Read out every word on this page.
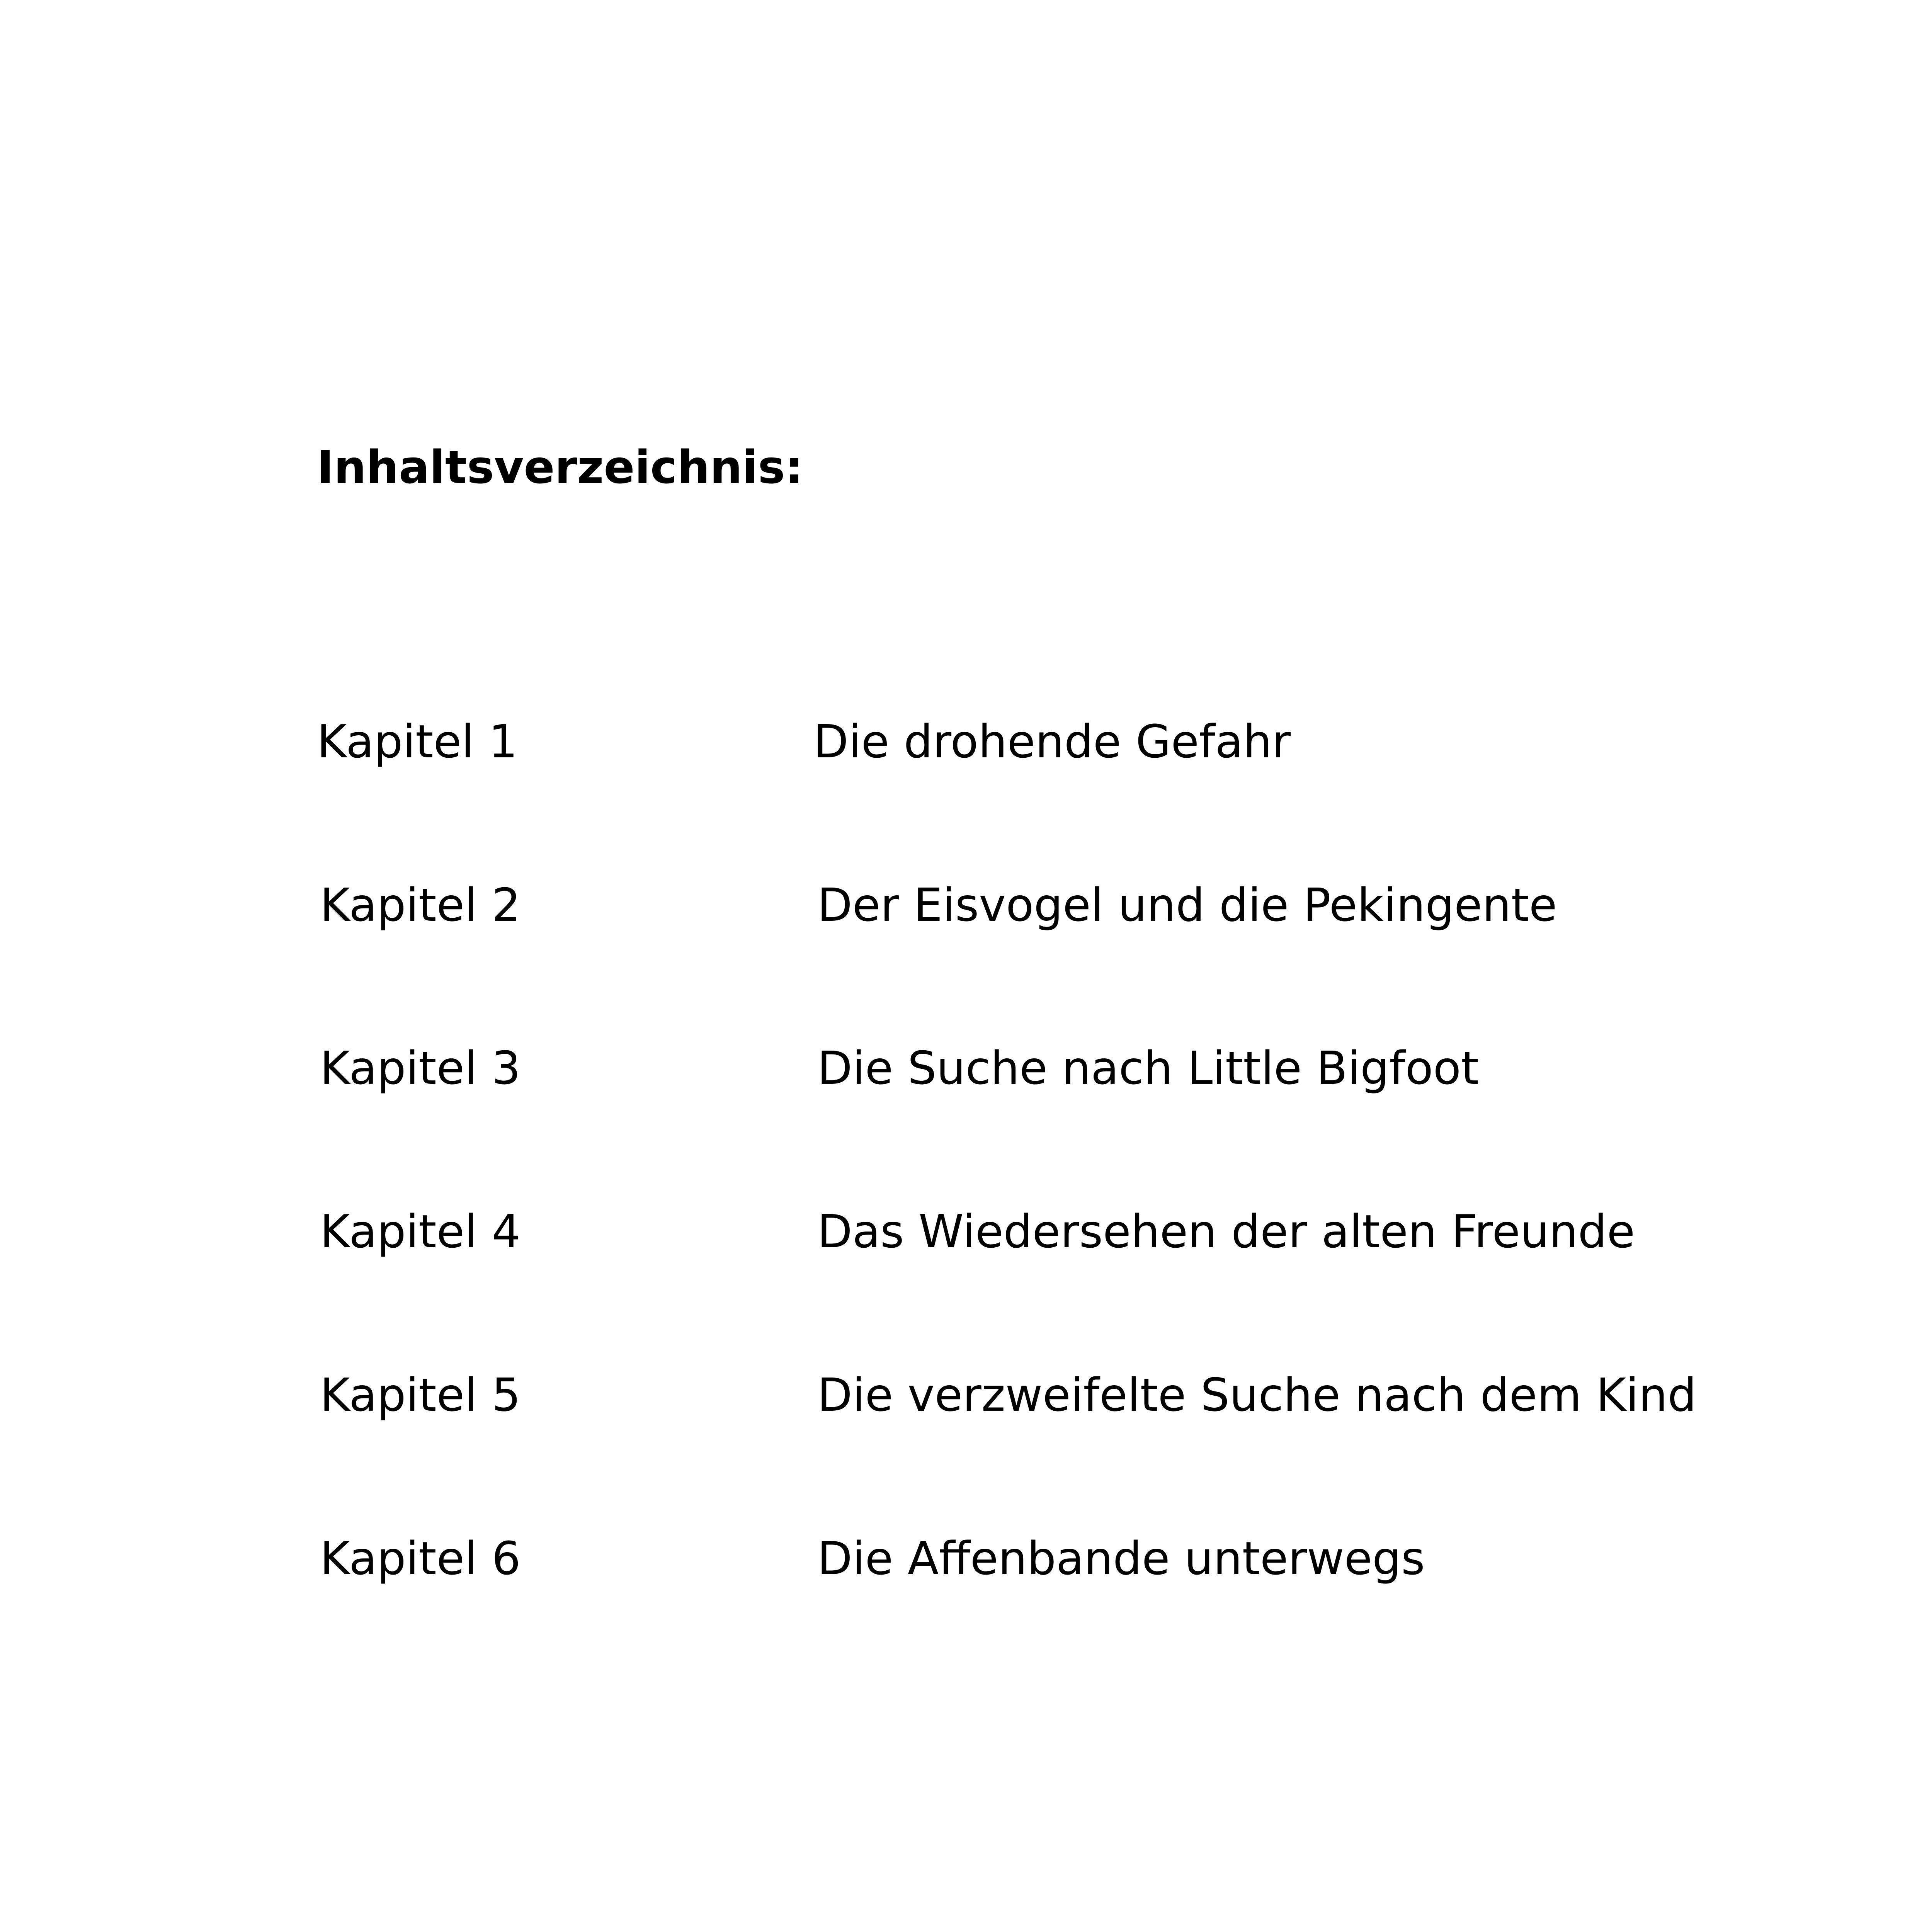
Inhaltsverzeichnis:
Kapitel 1	Die drohende Gefahr
Kapitel 2	Der Eisvogel und die Pekingente
Kapitel 3	Die Suche nach Little Bigfoot
Kapitel 4	Das Wiedersehen der alten Freunde
Kapitel 5	Die verzweifelte Suche nach dem Kind
Kapitel 6	Die Affenbande unterwegs
